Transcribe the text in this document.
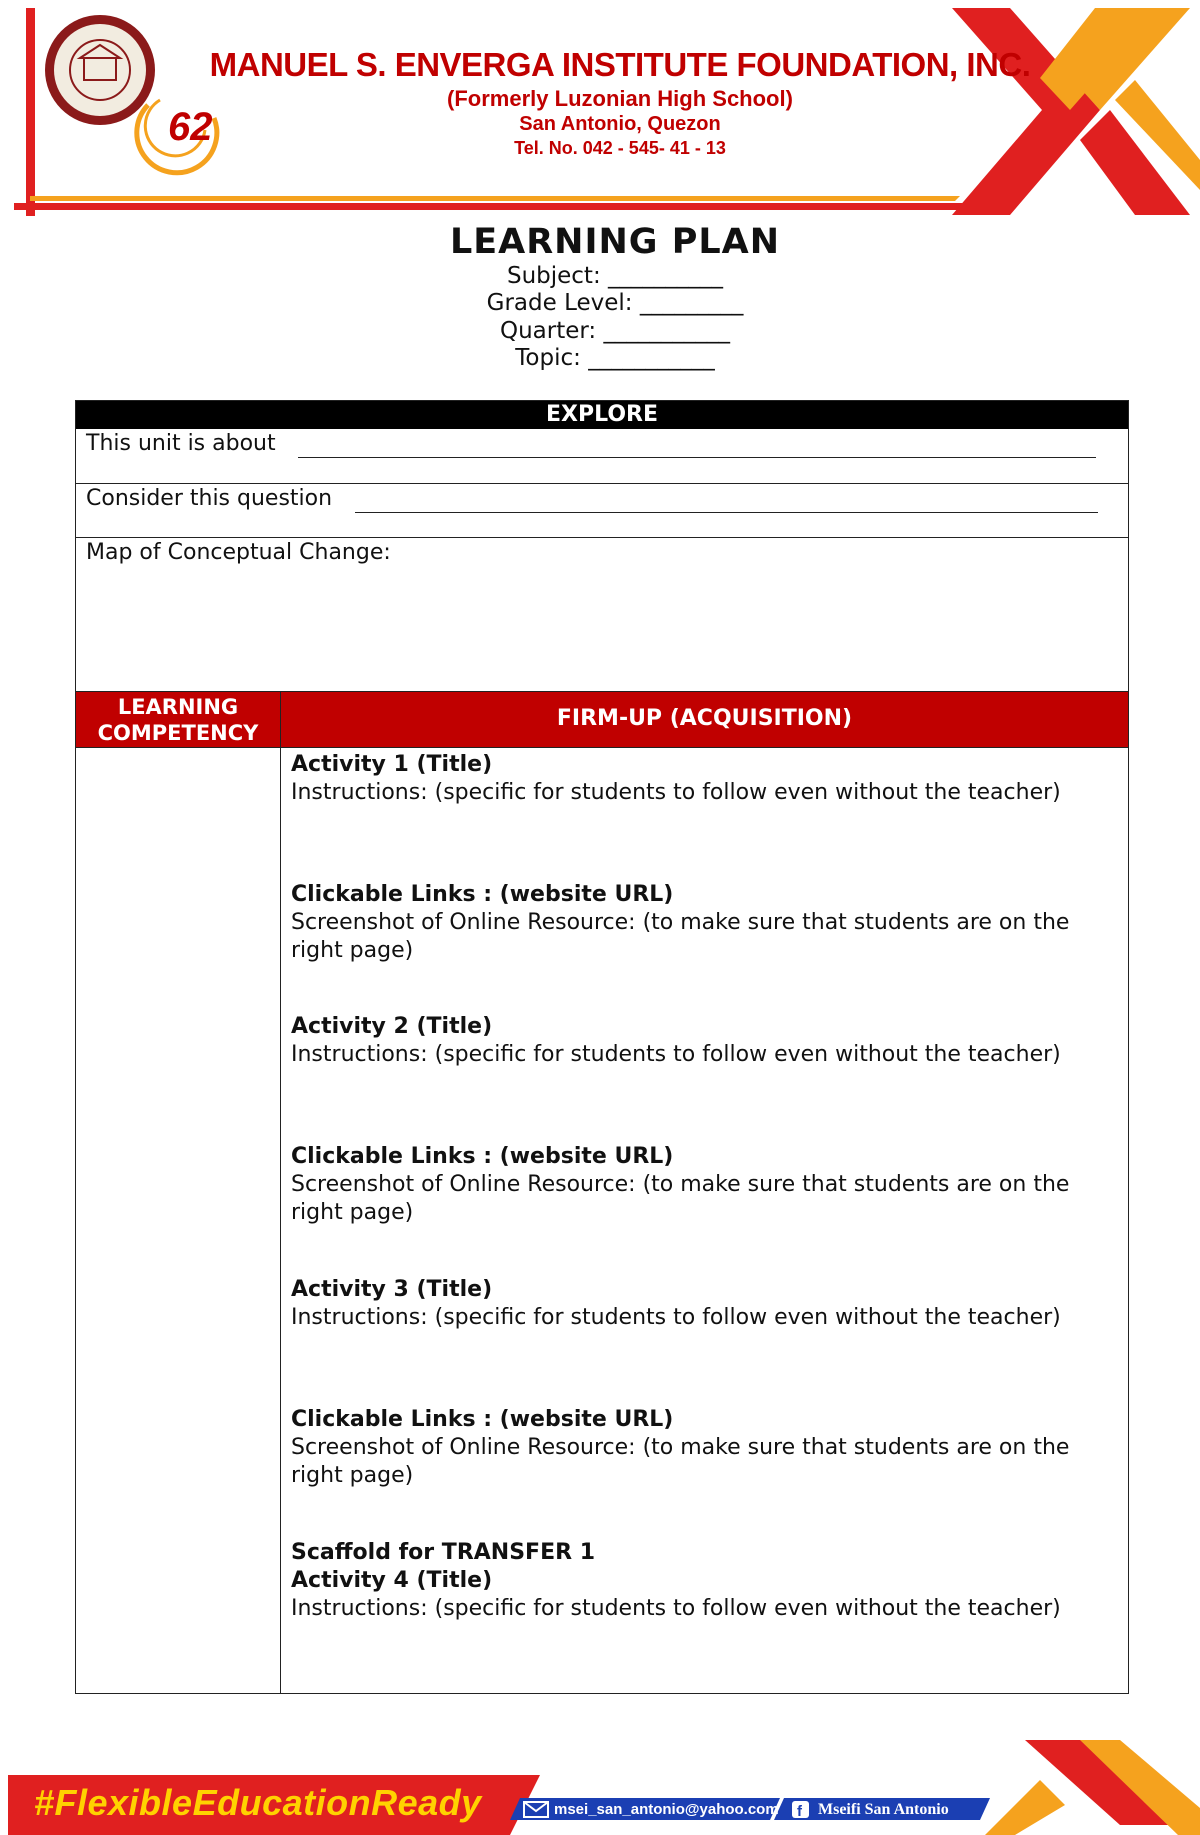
62
MANUEL S. ENVERGA INSTITUTE FOUNDATION, INC.
(Formerly Luzonian High School)
San Antonio, Quezon
Tel. No. 042 - 545- 41 - 13
LEARNING PLAN
Subject: __________
Grade Level: _________
Quarter: ___________
Topic: ___________
EXPLORE
This unit is about
Consider this question
Map of Conceptual Change:
LEARNING
COMPETENCY
FIRM-UP (ACQUISITION)
Activity 1 (Title)
Instructions: (specific for students to follow even without the teacher)
Clickable Links : (website URL)
Screenshot of Online Resource: (to make sure that students are on the right page)
Activity 2 (Title)
Instructions: (specific for students to follow even without the teacher)
Clickable Links : (website URL)
Screenshot of Online Resource: (to make sure that students are on the right page)
Activity 3 (Title)
Instructions: (specific for students to follow even without the teacher)
Clickable Links : (website URL)
Screenshot of Online Resource: (to make sure that students are on the right page)
Scaffold for TRANSFER 1
Activity 4 (Title)
Instructions: (specific for students to follow even without the teacher)
f
#FlexibleEducationReady	msei_san_antonio@yahoo.com Mseifi San Antonio
